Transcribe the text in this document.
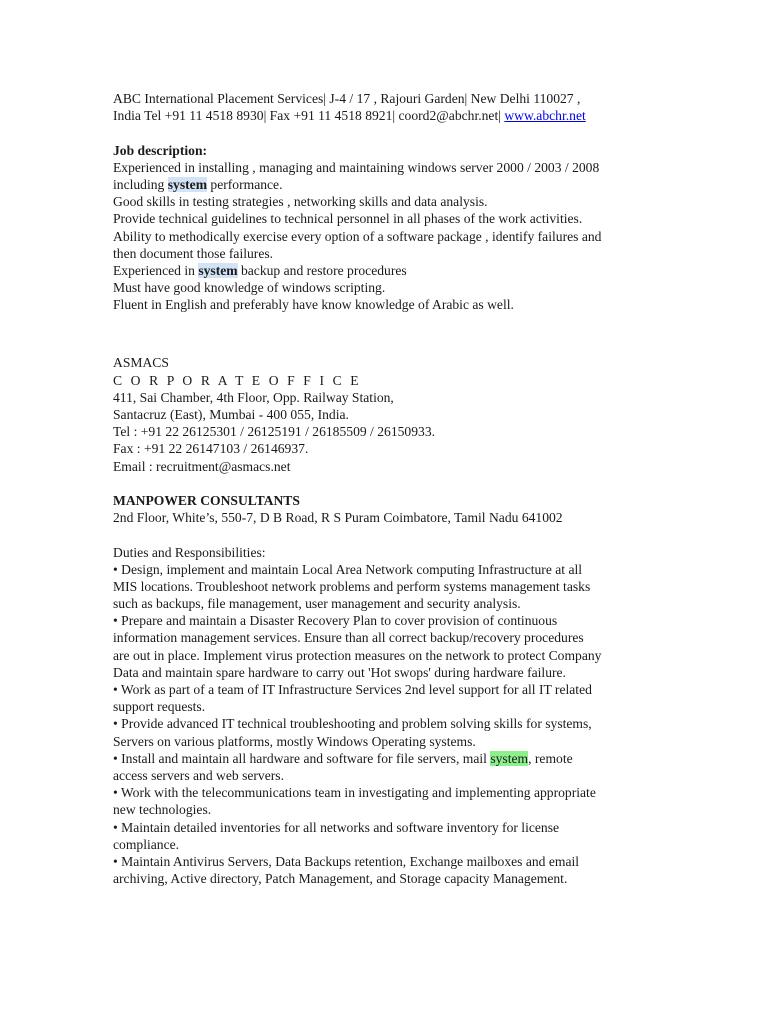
ABC International Placement Services| J-4 / 17 , Rajouri Garden| New Delhi 110027 ,
India Tel +91 11 4518 8930| Fax +91 11 4518 8921| coord2@abchr.net| www.abchr.net
Job description:
Experienced in installing , managing and maintaining windows server 2000 / 2003 / 2008
including system performance.
Good skills in testing strategies , networking skills and data analysis.
Provide technical guidelines to technical personnel in all phases of the work activities.
Ability to methodically exercise every option of a software package , identify failures and
then document those failures.
Experienced in system backup and restore procedures
Must have good knowledge of windows scripting.
Fluent in English and preferably have know knowledge of Arabic as well.
ASMACS
C O R P O R A T E O F F I C E
411, Sai Chamber, 4th Floor, Opp. Railway Station,
Santacruz (East), Mumbai - 400 055, India.
Tel : +91 22 26125301 / 26125191 / 26185509 / 26150933.
Fax : +91 22 26147103 / 26146937.
Email : recruitment@asmacs.net
MANPOWER CONSULTANTS
2nd Floor, White’s, 550-7, D B Road, R S Puram Coimbatore, Tamil Nadu 641002
Duties and Responsibilities:
• Design, implement and maintain Local Area Network computing Infrastructure at all
MIS locations. Troubleshoot network problems and perform systems management tasks
such as backups, file management, user management and security analysis.
• Prepare and maintain a Disaster Recovery Plan to cover provision of continuous
information management services. Ensure than all correct backup/recovery procedures
are out in place. Implement virus protection measures on the network to protect Company
Data and maintain spare hardware to carry out 'Hot swops' during hardware failure.
• Work as part of a team of IT Infrastructure Services 2nd level support for all IT related
support requests.
• Provide advanced IT technical troubleshooting and problem solving skills for systems,
Servers on various platforms, mostly Windows Operating systems.
• Install and maintain all hardware and software for file servers, mail system, remote
access servers and web servers.
• Work with the telecommunications team in investigating and implementing appropriate
new technologies.
• Maintain detailed inventories for all networks and software inventory for license
compliance.
• Maintain Antivirus Servers, Data Backups retention, Exchange mailboxes and email
archiving, Active directory, Patch Management, and Storage capacity Management.
